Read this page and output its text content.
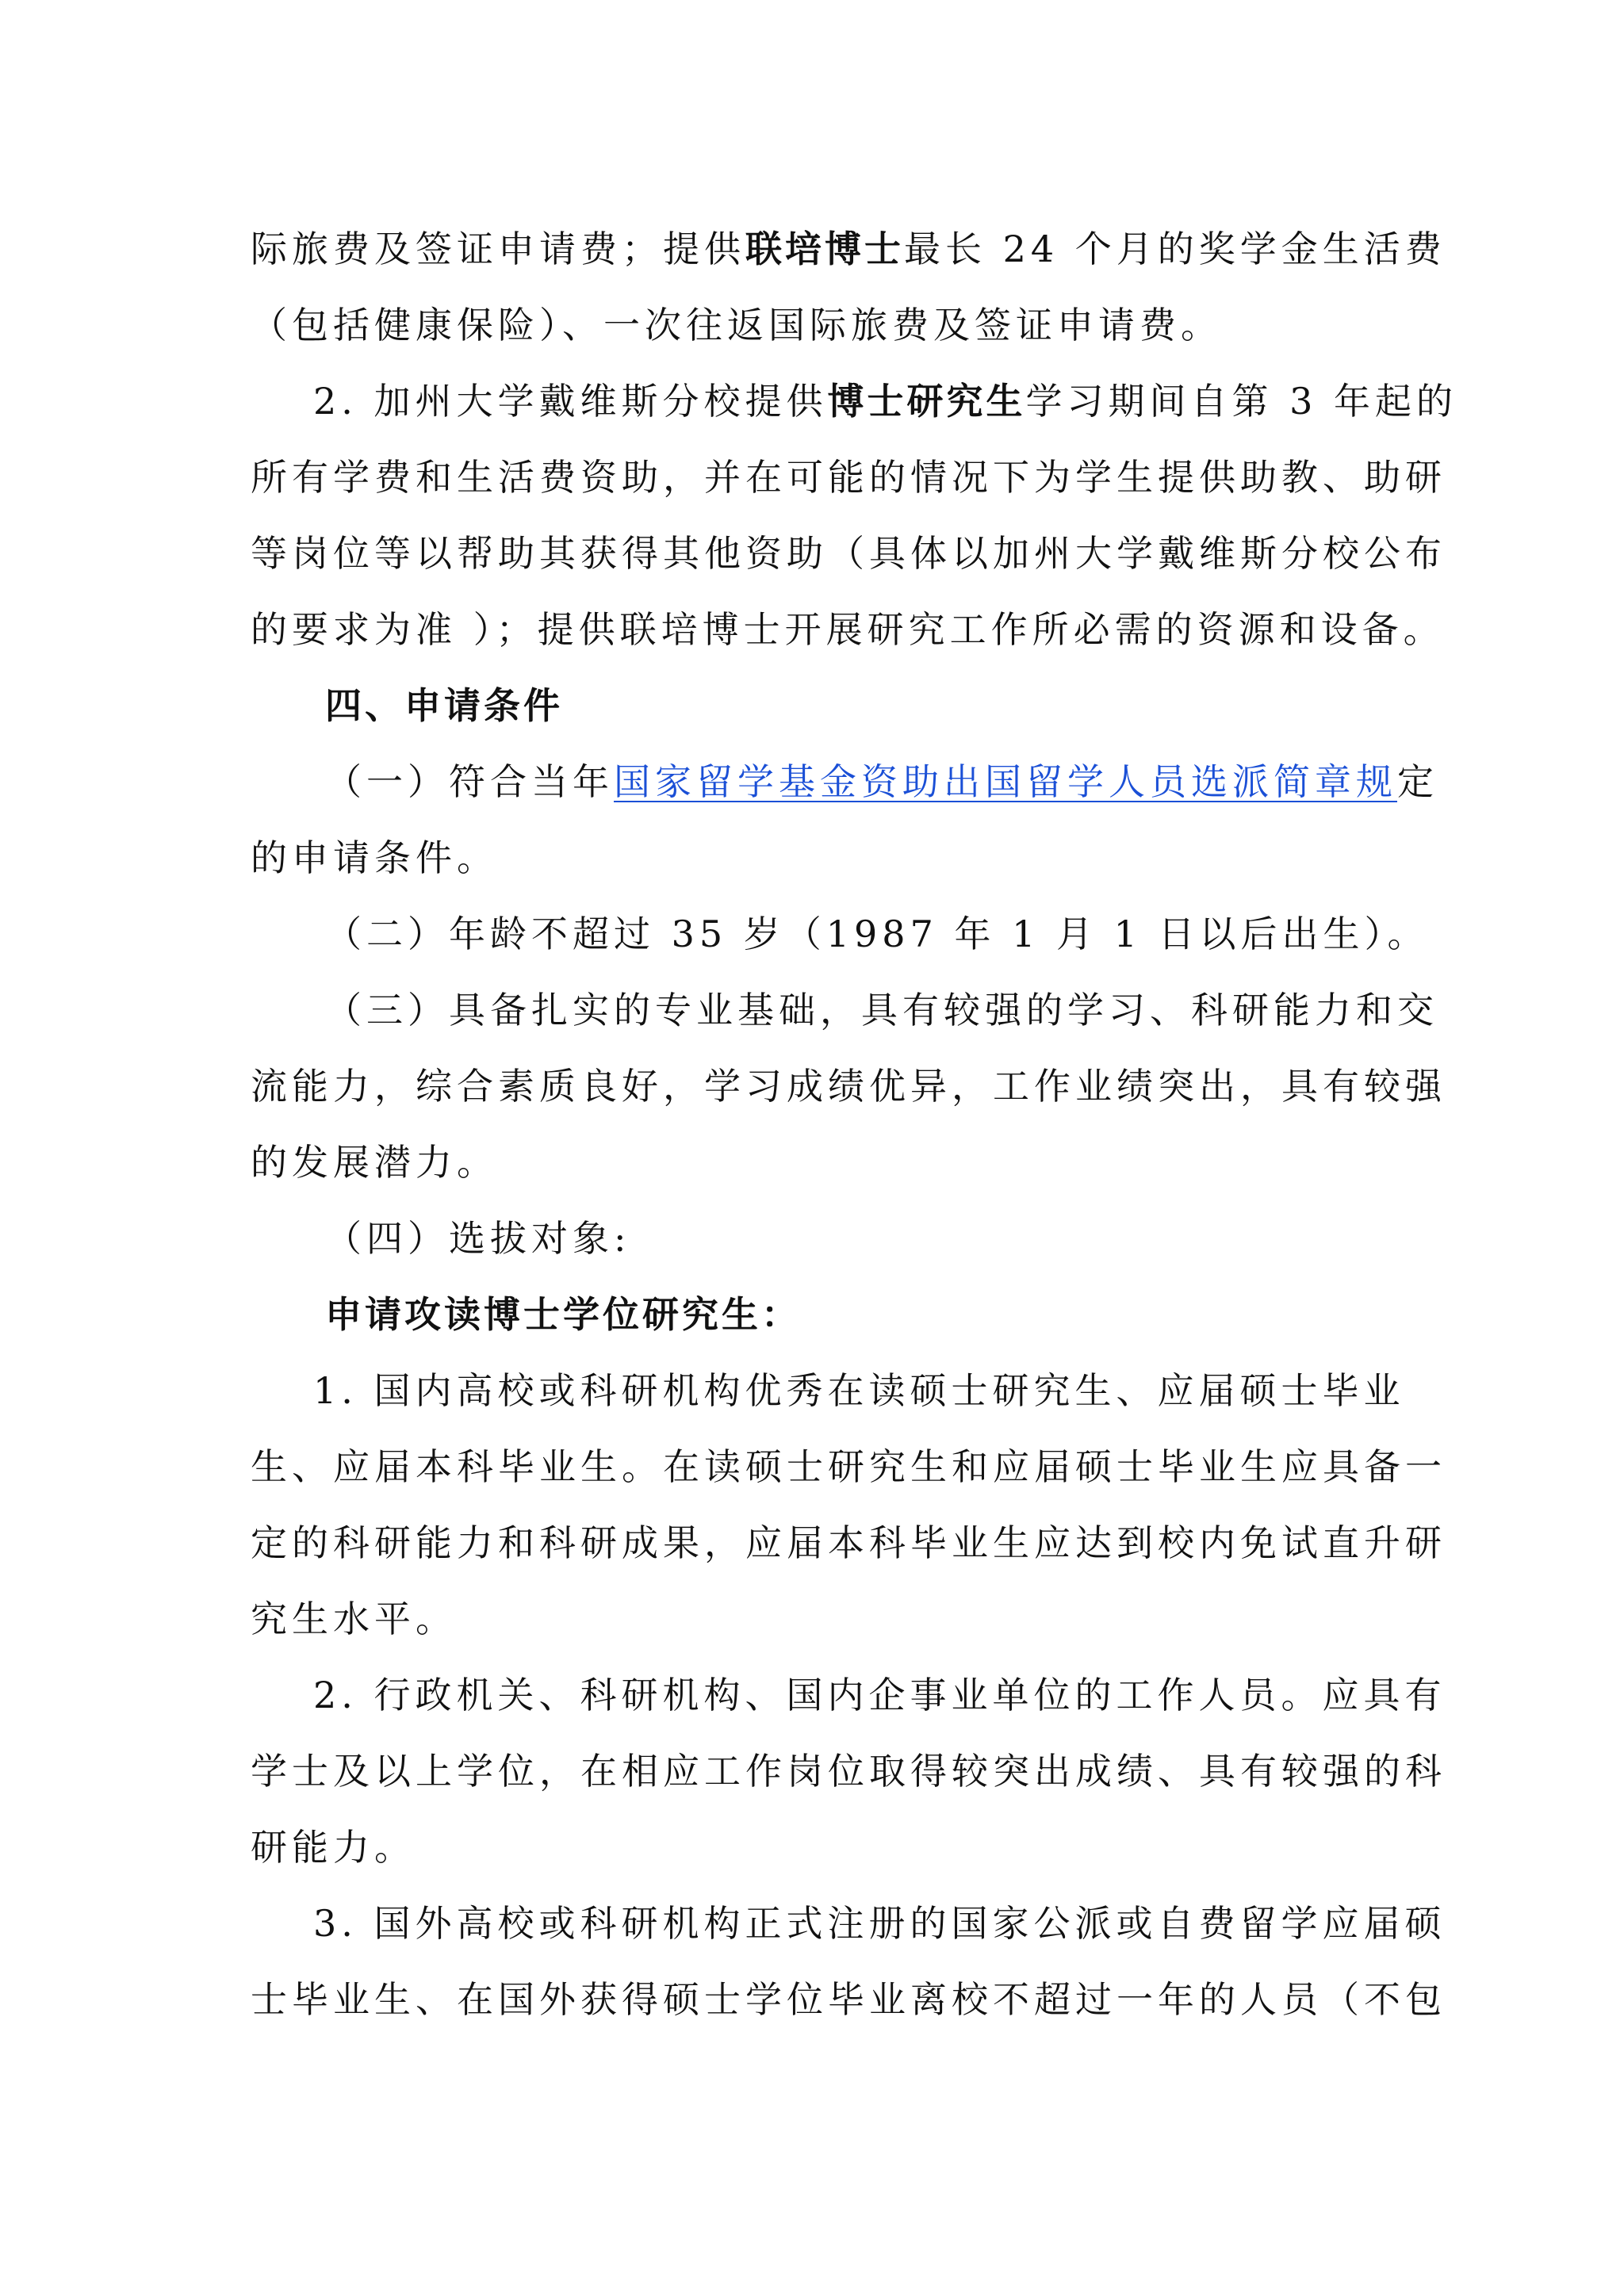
际旅费及签证申请费；提供联培博士最长 24 个月的奖学金生活费
（包括健康保险）、一次往返国际旅费及签证申请费。
2. 加州大学戴维斯分校提供博士研究生学习期间自第 3 年起的
所有学费和生活费资助，并在可能的情况下为学生提供助教、助研
等岗位等以帮助其获得其他资助（具体以加州大学戴维斯分校公布
的要求为准 ）；提供联培博士开展研究工作所必需的资源和设备。
四、申请条件
（一）符合当年国家留学基金资助出国留学人员选派简章规定
的申请条件。
（二）年龄不超过 35 岁（1987 年 1 月 1 日以后出生）。
（三）具备扎实的专业基础，具有较强的学习、科研能力和交
流能力，综合素质良好，学习成绩优异，工作业绩突出，具有较强
的发展潜力。
（四）选拔对象:
申请攻读博士学位研究生：
1. 国内高校或科研机构优秀在读硕士研究生、应届硕士毕业
生、应届本科毕业生。在读硕士研究生和应届硕士毕业生应具备一
定的科研能力和科研成果，应届本科毕业生应达到校内免试直升研
究生水平。
2. 行政机关、科研机构、国内企事业单位的工作人员。应具有
学士及以上学位，在相应工作岗位取得较突出成绩、具有较强的科
研能力。
3. 国外高校或科研机构正式注册的国家公派或自费留学应届硕
士毕业生、在国外获得硕士学位毕业离校不超过一年的人员（不包
